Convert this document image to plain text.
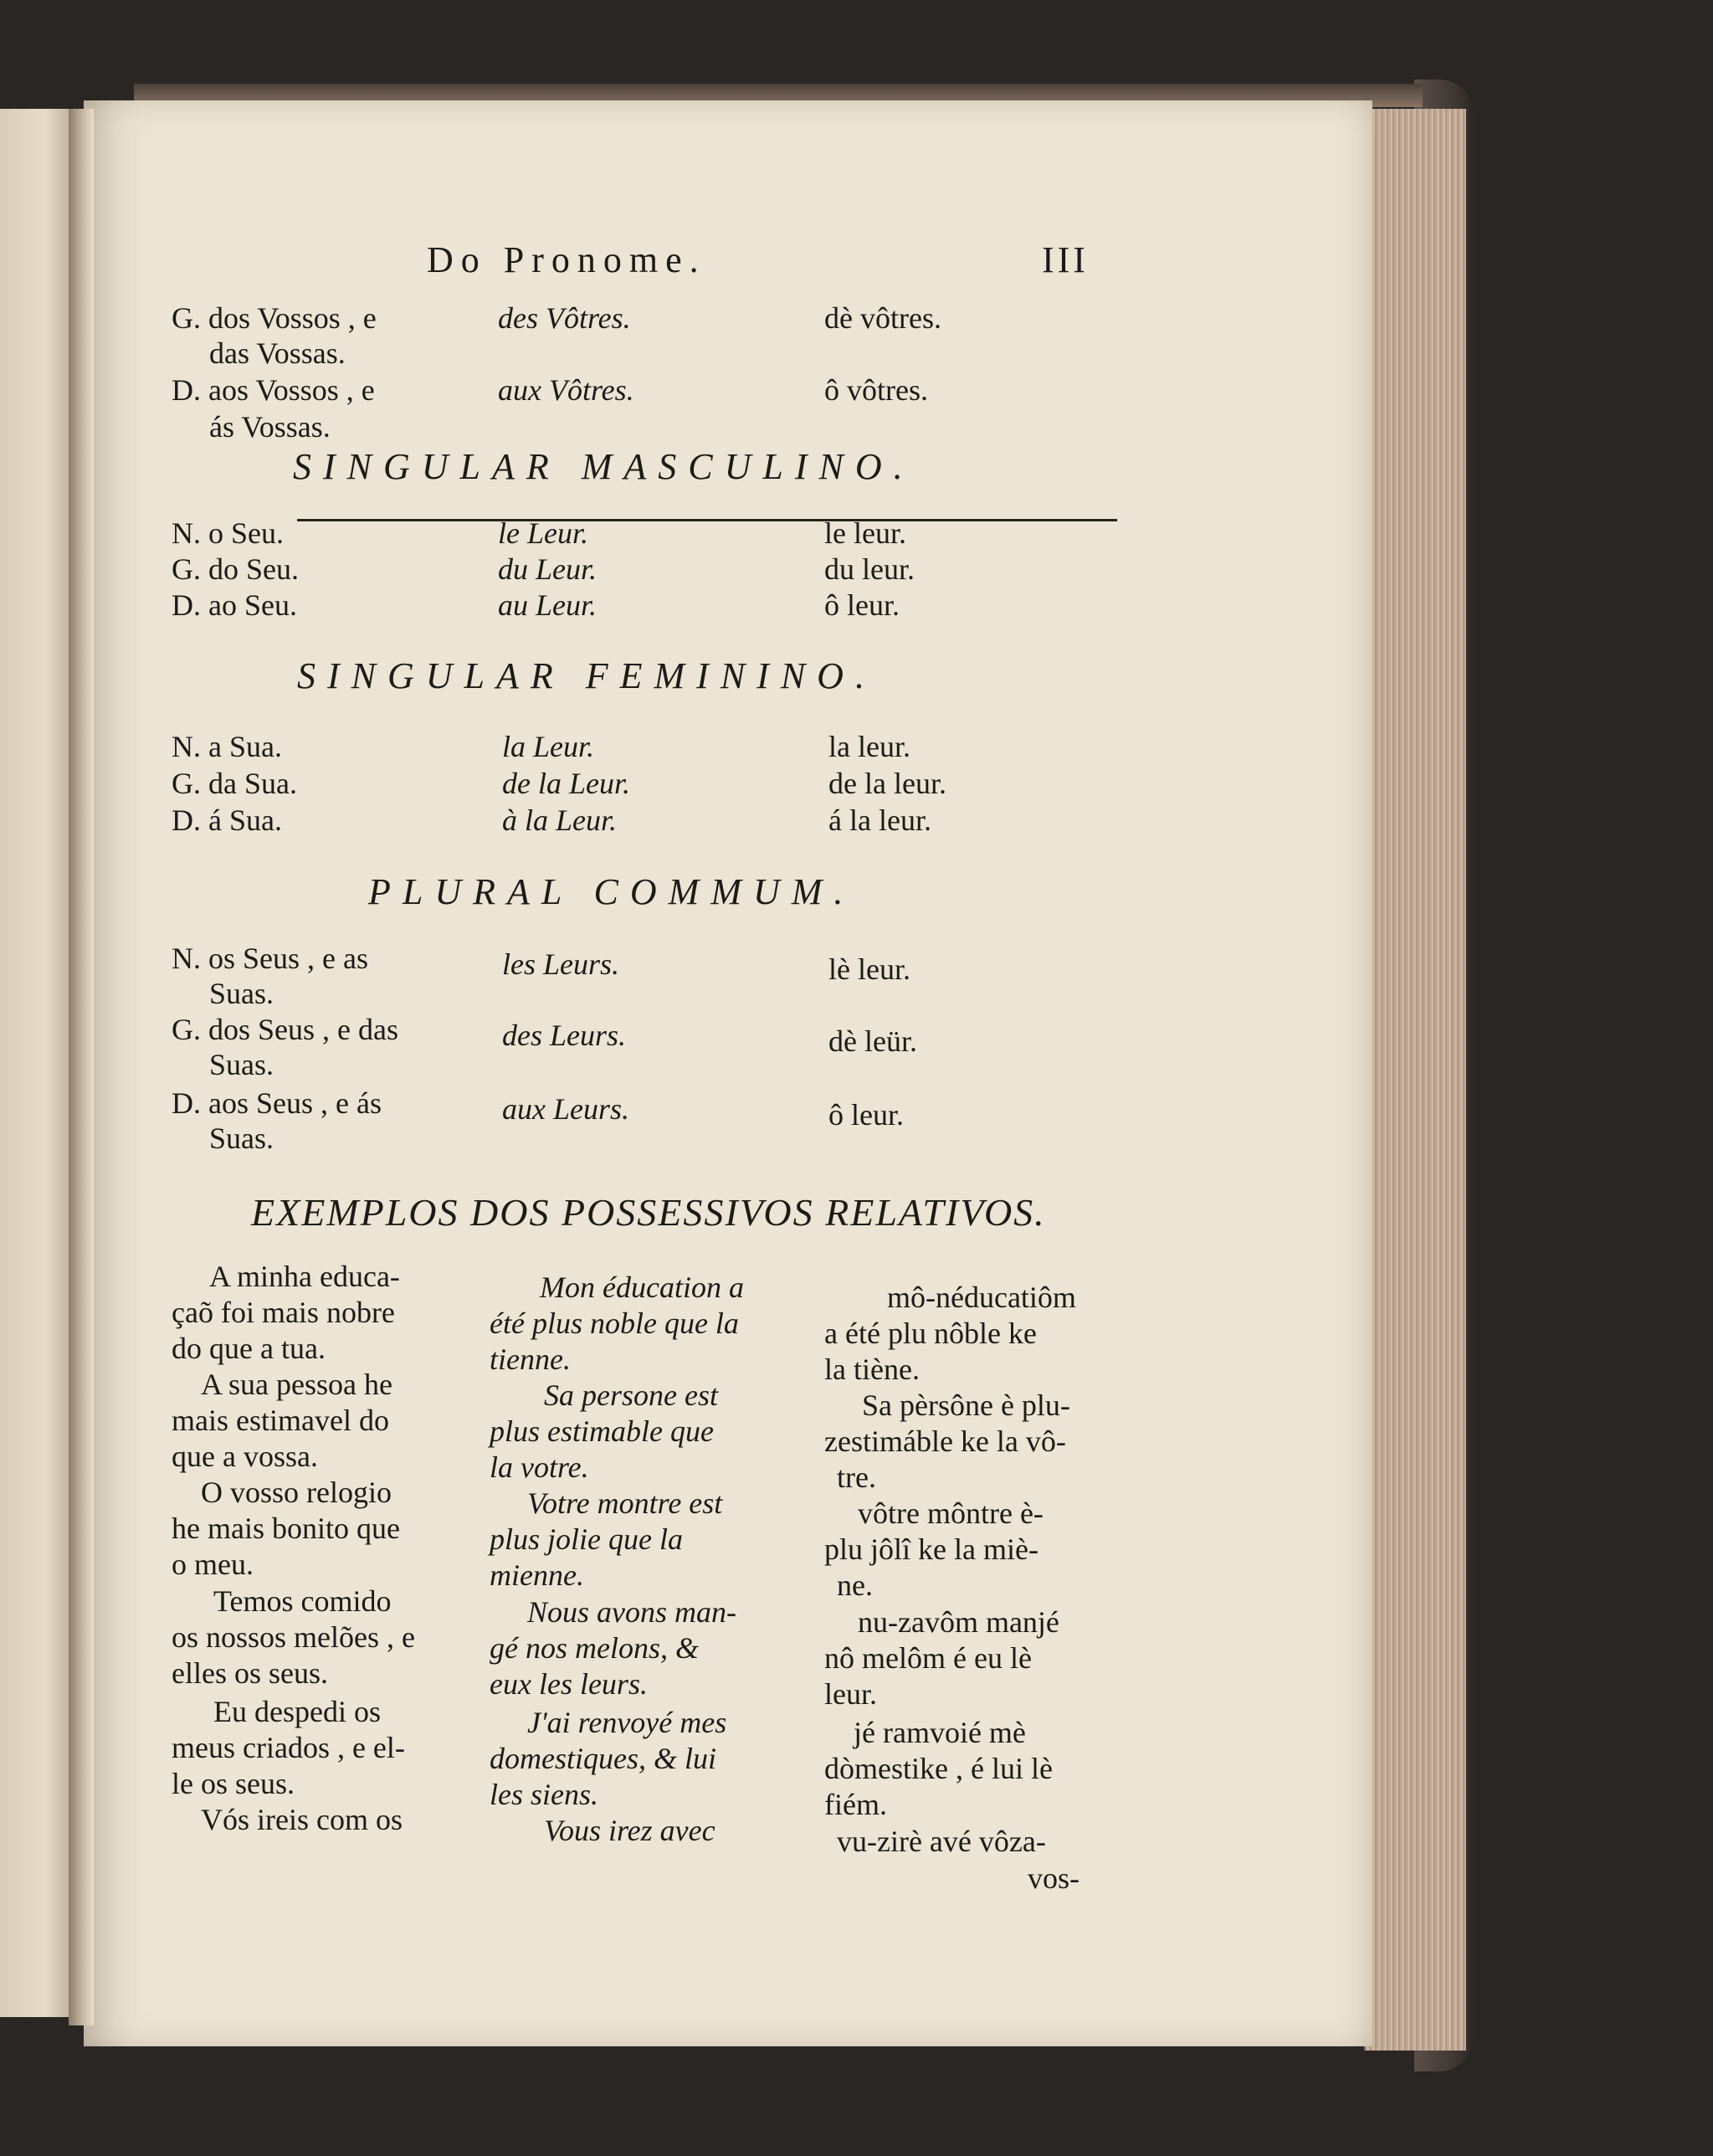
Do Pronome.	III
G. dos Vossos , e	des Vôtres.	dè vôtres.
das Vossas.
D. aos Vossos , e	aux Vôtres.	ô vôtres.
ás Vossas.
SINGULAR MASCULINO.
N. o Seu.	le Leur.	le leur.
G. do Seu.	du Leur.	du leur.
D. ao Seu.	au Leur.	ô leur.
SINGULAR FEMININO.
N. a Sua.	la Leur.	la leur.
G. da Sua.	de la Leur.	de la leur.
D. á Sua.	à la Leur.	á la leur.
PLURAL COMMUM.
N. os Seus , e as	les Leurs.	lè leur.
Suas.
G. dos Seus , e das	des Leurs.	dè leür.
Suas.
D. aos Seus , e ás	aux Leurs.	ô leur.
Suas.
EXEMPLOS DOS POSSESSIVOS RELATIVOS.
A minha educa-
çaõ foi mais nobre
do que a tua.
A sua pessoa he
mais estimavel do
que a vossa.
O vosso relogio
he mais bonito que
o meu.
Temos comido
os nossos melões , e
elles os seus.
Eu despedi os
meus criados , e el-
le os seus.
Vós ireis com os
Mon éducation a
été plus noble que la
tienne.
Sa persone est
plus estimable que
la votre.
Votre montre est
plus jolie que la
mienne.
Nous avons man-
gé nos melons, &
eux les leurs.
J'ai renvoyé mes
domestiques, & lui
les siens.
Vous irez avec
mô-néducatiôm
a été plu nôble ke
la tiène.
Sa pèrsône è plu-
zestimáble ke la vô-
tre.
vôtre môntre è-
plu jôlî ke la miè-
ne.
nu-zavôm manjé
nô melôm é eu lè
leur.
jé ramvoié mè
dòmestike , é lui lè
fiém.
vu-zirè avé vôza-
vos-
